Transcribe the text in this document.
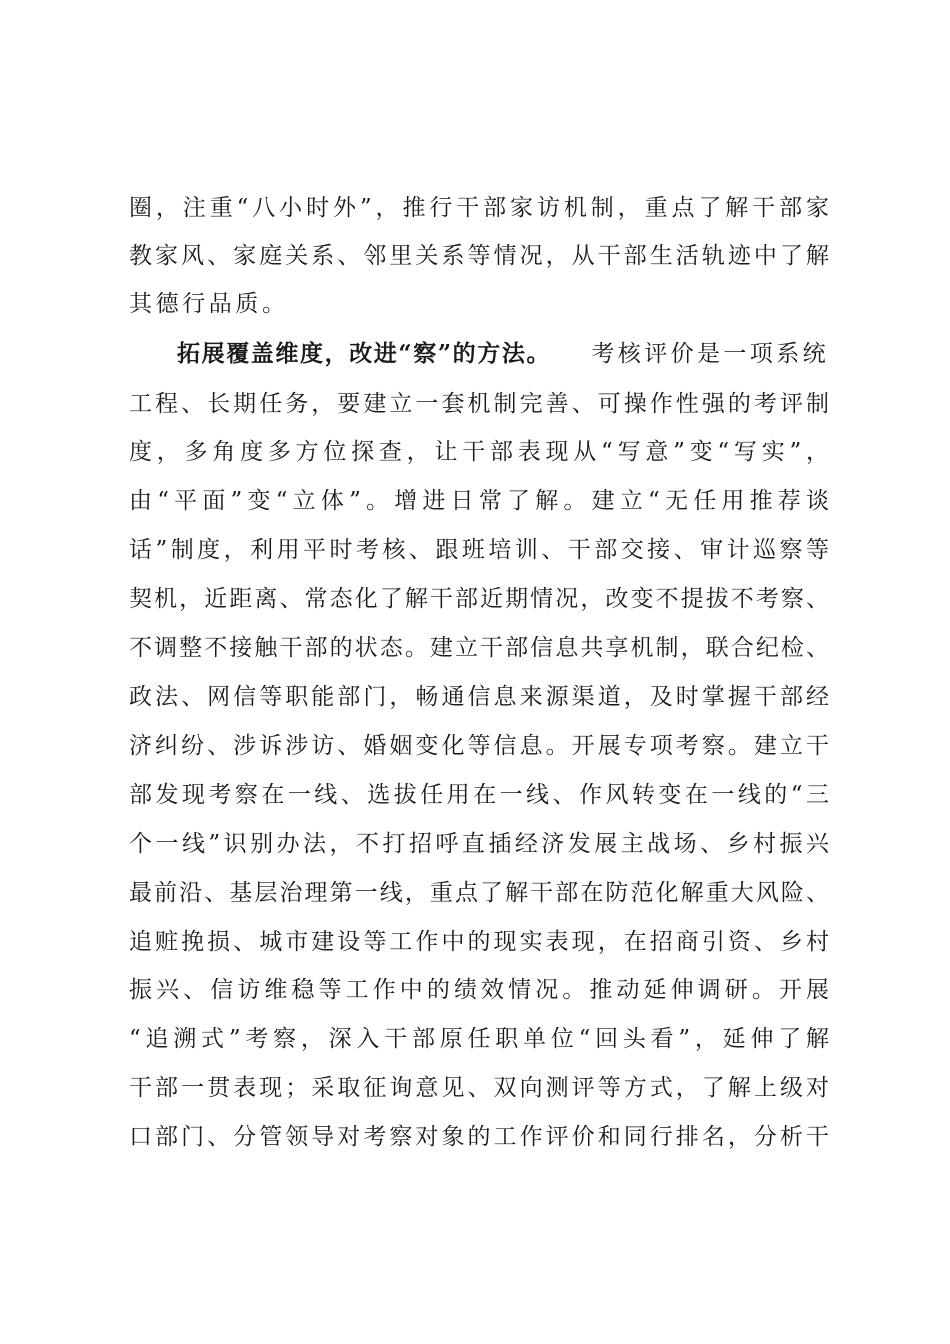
圈，注重“八小时外”，推行干部家访机制，重点了解干部家
教家风、家庭关系、邻里关系等情况，从干部生活轨迹中了解
其德行品质。
拓展覆盖维度，改进“察”的方法。 考核评价是一项系统
工程、长期任务，要建立一套机制完善、可操作性强的考评制
度，多角度多方位探查，让干部表现从“写意”变“写实”，
由“平面”变“立体”。增进日常了解。建立“无任用推荐谈
话”制度，利用平时考核、跟班培训、干部交接、审计巡察等
契机，近距离、常态化了解干部近期情况，改变不提拔不考察、
不调整不接触干部的状态。建立干部信息共享机制，联合纪检、
政法、网信等职能部门，畅通信息来源渠道，及时掌握干部经
济纠纷、涉诉涉访、婚姻变化等信息。开展专项考察。建立干
部发现考察在一线、选拔任用在一线、作风转变在一线的“三
个一线”识别办法，不打招呼直插经济发展主战场、乡村振兴
最前沿、基层治理第一线，重点了解干部在防范化解重大风险、
追赃挽损、城市建设等工作中的现实表现，在招商引资、乡村
振兴、信访维稳等工作中的绩效情况。推动延伸调研。开展
“追溯式”考察，深入干部原任职单位“回头看”，延伸了解
干部一贯表现；采取征询意见、双向测评等方式，了解上级对
口部门、分管领导对考察对象的工作评价和同行排名，分析干
